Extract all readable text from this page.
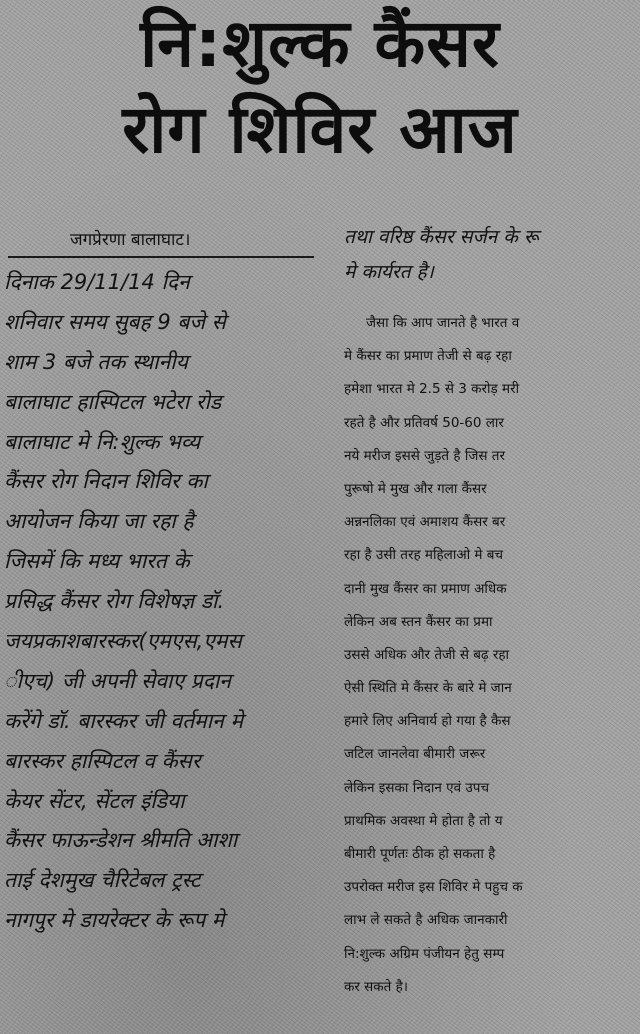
नि:शुल्क कैंसर
रोग शिविर आज
जगप्रेरणा बालाघाट।
दिनाक 29/11/14 दिन
शनिवार समय सुबह 9 बजे से
शाम 3 बजे तक स्थानीय
बालाघाट हास्पिटल भटेरा रोड
बालाघाट मे नि:शुल्क भव्य
कैंसर रोग निदान शिविर का
आयोजन किया जा रहा है
जिसमें कि मध्य भारत के
प्रसिद्ध कैंसर रोग विशेषज्ञ डॉ.
जयप्रकाशबारस्कर(एमएस,एमस
ीएच) जी अपनी सेवाए प्रदान
करेंगे डॉ. बारस्कर जी वर्तमान मे
बारस्कर हास्पिटल व कैंसर
केयर सेंटर, सेंटल इंडिया
कैंसर फाऊन्डेशन श्रीमति आशा
ताई देशमुख चैरिटेबल ट्रस्ट
नागपुर मे डायरेक्टर के रूप मे
तथा वरिष्ठ कैंसर सर्जन के रू
मे कार्यरत है।
जैसा कि आप जानते है भारत व
मे कैंसर का प्रमाण तेजी से बढ़ रहा
हमेशा भारत मे 2.5 से 3 करोड़ मरी
रहते है और प्रतिवर्ष 50-60 लार
नये मरीज इससे जुड़ते है जिस तर
पुरूषो मे मुख और गला कैंसर
अन्ननलिका एवं अमाशय कैंसर बर
रहा है उसी तरह महिलाओ मे बच
दानी मुख कैंसर का प्रमाण अधिक
लेकिन अब स्तन कैंसर का प्रमा
उससे अधिक और तेजी से बढ़ रहा
ऐसी स्थिति मे कैंसर के बारे मे जान
हमारे लिए अनिवार्य हो गया है कैस
जटिल जानलेवा बीमारी जरूर
लेकिन इसका निदान एवं उपच
प्राथमिक अवस्था मे होता है तो य
बीमारी पूर्णतः ठीक हो सकता है
उपरोक्त मरीज इस शिविर मे पहुच क
लाभ ले सकते है अधिक जानकारी
नि:शुल्क अग्रिम पंजीयन हेतु सम्प
कर सकते है।
